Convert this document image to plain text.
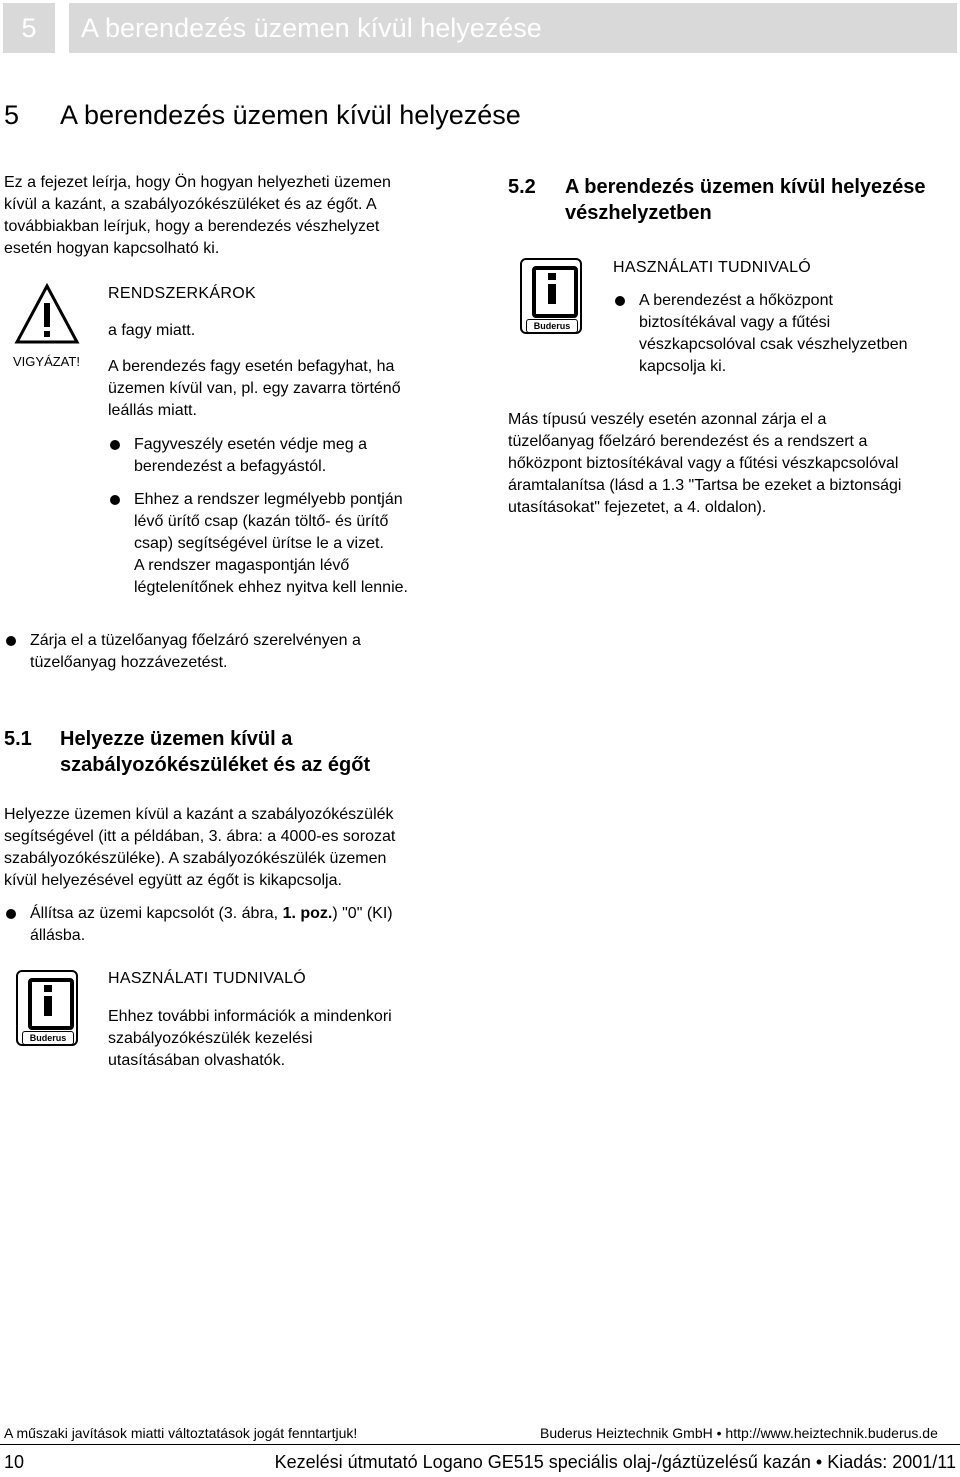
5 A berendezés üzemen kívül helyezése
5 A berendezés üzemen kívül helyezése
Ez a fejezet leírja, hogy Ön hogyan helyezheti üzemen
kívül a kazánt, a szabályozókészüléket és az égőt. A
továbbiakban leírjuk, hogy a berendezés vészhelyzet
esetén hogyan kapcsolható ki.
VIGYÁZAT!
RENDSZERKÁROK
a fagy miatt.
A berendezés fagy esetén befagyhat, ha
üzemen kívül van, pl. egy zavarra történő
leállás miatt.
Fagyveszély esetén védje meg a
berendezést a befagyástól.
Ehhez a rendszer legmélyebb pontján
lévő ürítő csap (kazán töltő- és ürítő
csap) segítségével ürítse le a vizet.
A rendszer magaspontján lévő
légtelenítőnek ehhez nyitva kell lennie.
Zárja el a tüzelőanyag főelzáró szerelvényen a
tüzelőanyag hozzávezetést.
5.1 Helyezze üzemen kívül a
szabályozókészüléket és az égőt
Helyezze üzemen kívül a kazánt a szabályozókészülék
segítségével (itt a példában, 3. ábra: a 4000-es sorozat
szabályozókészüléke). A szabályozókészülék üzemen
kívül helyezésével együtt az égőt is kikapcsolja.
Állítsa az üzemi kapcsolót (3. ábra, 1. poz.) "0" (KI)
állásba.
Buderus
HASZNÁLATI TUDNIVALÓ
Ehhez további információk a mindenkori
szabályozókészülék kezelési
utasításában olvashatók.
5.2 A berendezés üzemen kívül helyezése
vészhelyzetben
Buderus
HASZNÁLATI TUDNIVALÓ
A berendezést a hőközpont
biztosítékával vagy a fűtési
vészkapcsolóval csak vészhelyzetben
kapcsolja ki.
Más típusú veszély esetén azonnal zárja el a
tüzelőanyag főelzáró berendezést és a rendszert a
hőközpont biztosítékával vagy a fűtési vészkapcsolóval
áramtalanítsa (lásd a 1.3 "Tartsa be ezeket a biztonsági
utasításokat" fejezetet, a 4. oldalon).
A műszaki javítások miatti változtatások jogát fenntartjuk!	Buderus Heiztechnik GmbH • http://www.heiztechnik.buderus.de
10	Kezelési útmutató Logano GE515 speciális olaj-/gáztüzelésű kazán • Kiadás: 2001/11
